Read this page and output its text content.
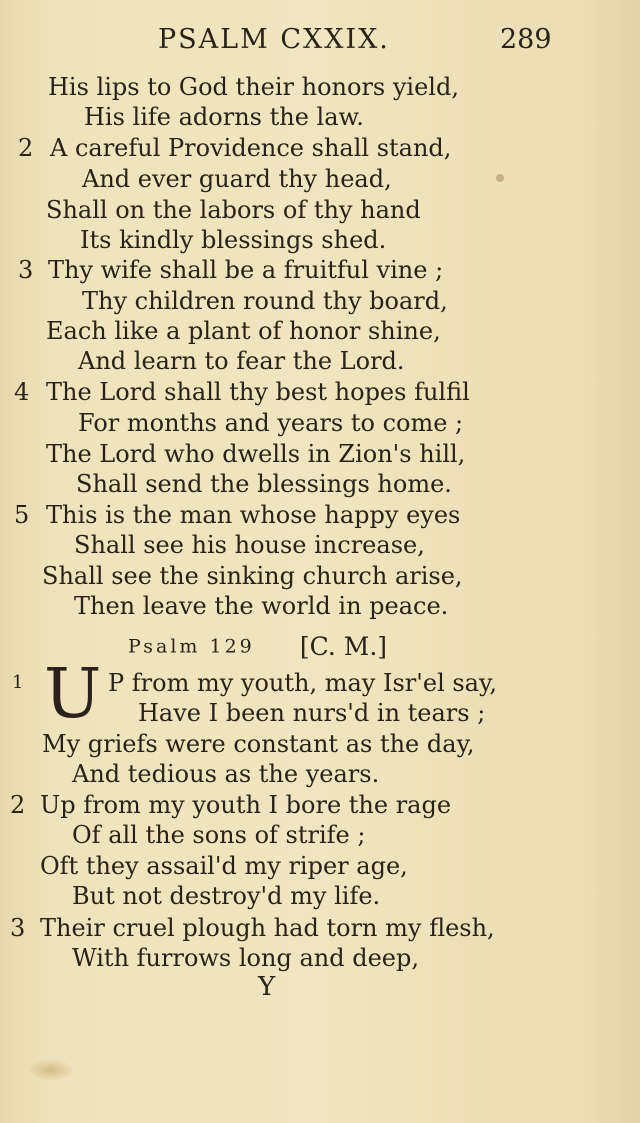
PSALM CXXIX.	289
His lips to God their honors yield,
His life adorns the law.
2 A careful Providence shall stand,
And ever guard thy head,
Shall on the labors of thy hand
Its kindly blessings shed.
3 Thy wife shall be a fruitful vine ;
Thy children round thy board,
Each like a plant of honor shine,
And learn to fear the Lord.
4 The Lord shall thy best hopes fulfil
For months and years to come ;
The Lord who dwells in Zion's hill,
Shall send the blessings home.
5 This is the man whose happy eyes
Shall see his house increase,
Shall see the sinking church arise,
Then leave the world in peace.
Psalm 129 [C. M.]
1 U P from my youth, may Isr'el say,
Have I been nurs'd in tears ;
My griefs were constant as the day,
And tedious as the years.
2 Up from my youth I bore the rage
Of all the sons of strife ;
Oft they assail'd my riper age,
But not destroy'd my life.
3 Their cruel plough had torn my flesh,
With furrows long and deep,
Y
